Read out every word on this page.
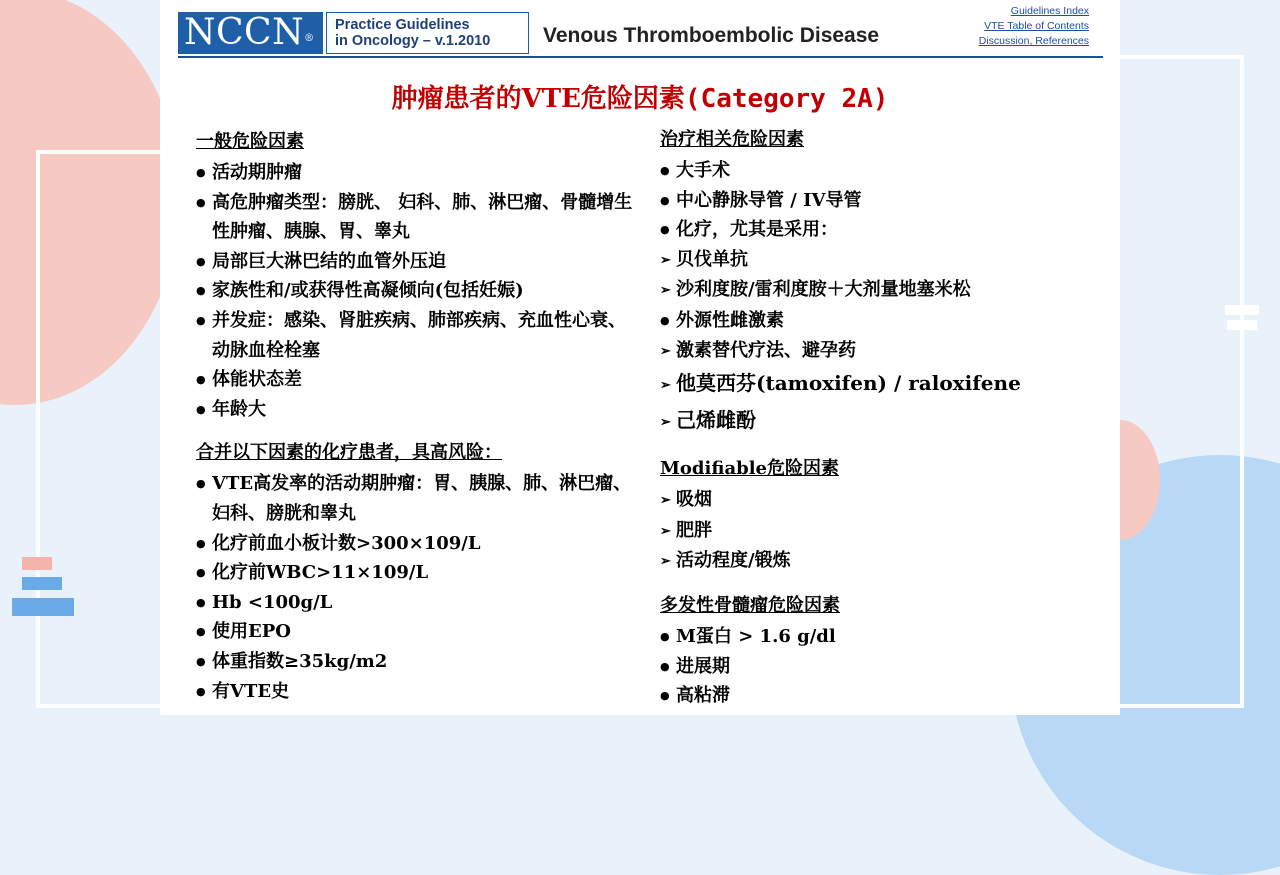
NCCN®
Practice Guidelines
in Oncology – v.1.2010	Venous Thromboembolic Disease
Guidelines Index
VTE Table of Contents
Discussion, References
肿瘤患者的VTE危险因素(Category 2A)
一般危险因素
●活动期肿瘤
●高危肿瘤类型：膀胱、 妇科、肺、淋巴瘤、骨髓增生性肿瘤、胰腺、胃、睾丸
●局部巨大淋巴结的血管外压迫
●家族性和/或获得性高凝倾向(包括妊娠)
●并发症：感染、肾脏疾病、肺部疾病、充血性心衰、动脉血栓栓塞
●体能状态差
●年龄大
合并以下因素的化疗患者，具高风险：
●VTE高发率的活动期肿瘤：胃、胰腺、肺、淋巴瘤、妇科、膀胱和睾丸
●化疗前血小板计数>300×109/L
●化疗前WBC>11×109/L
●Hb <100g/L
●使用EPO
●体重指数≥35kg/m2
●有VTE史
治疗相关危险因素
●大手术
●中心静脉导管 / IV导管
●化疗，尤其是采用：
➢贝伐单抗
➢沙利度胺/雷利度胺＋大剂量地塞米松
●外源性雌激素
➢激素替代疗法、避孕药
➢他莫西芬(tamoxifen) / raloxifene
➢己烯雌酚
Modifiable危险因素
➢吸烟
➢肥胖
➢活动程度/锻炼
多发性骨髓瘤危险因素
●M蛋白 > 1.6 g/dl
●进展期
●高粘滞
